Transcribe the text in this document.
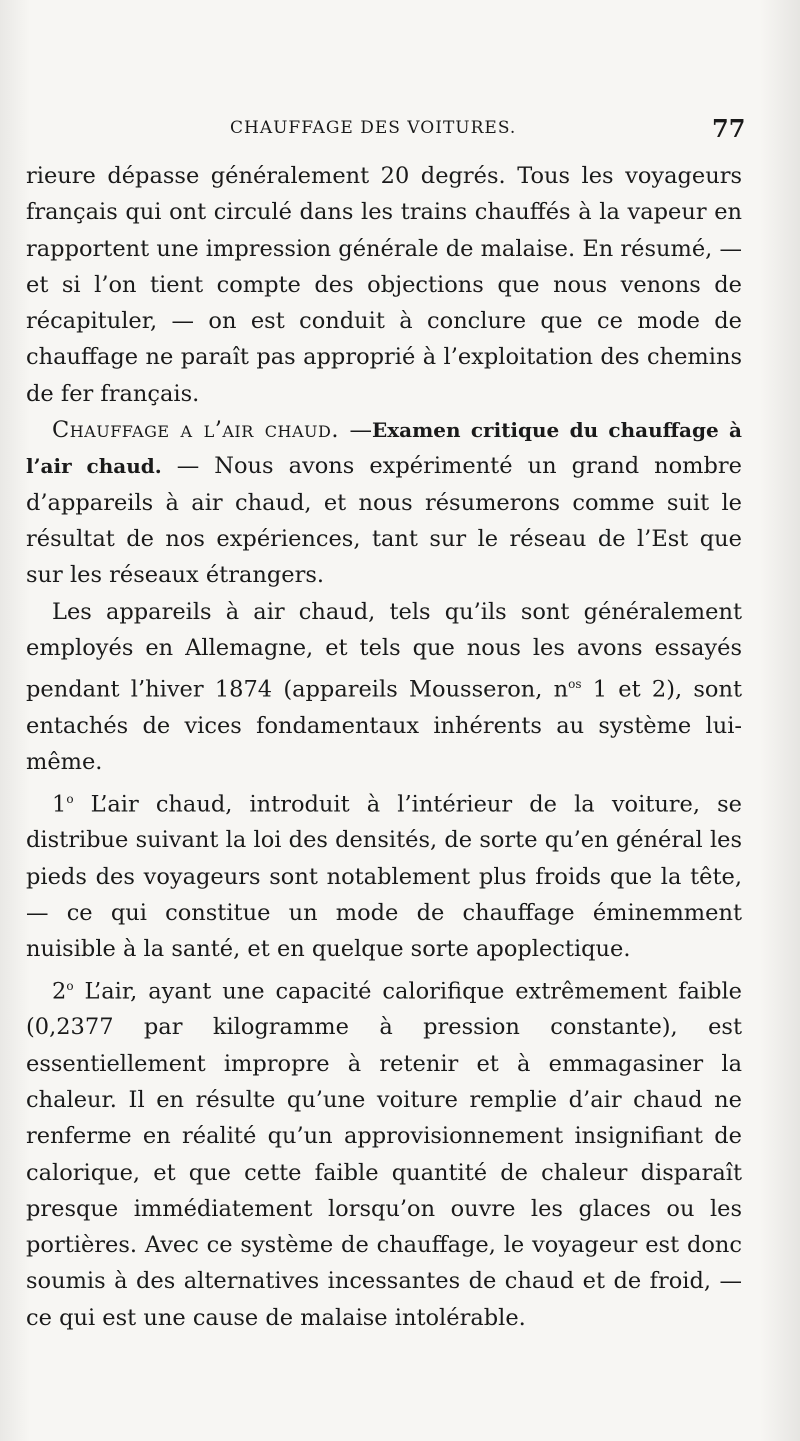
CHAUFFAGE DES VOITURES.	77

rieure dépasse généralement 20 degrés. Tous les voyageurs français qui ont circulé dans les trains chauffés à la vapeur en rapportent une impression générale de malaise. En résumé, — et si l’on tient compte des objections que nous venons de récapituler, — on est conduit à conclure que ce mode de chauffage ne paraît pas approprié à l’exploitation des chemins de fer français.

Chauffage a l’air chaud. —Examen critique du chauffage à l’air chaud. — Nous avons expérimenté un grand nombre d’appareils à air chaud, et nous résumerons comme suit le résultat de nos expériences, tant sur le réseau de l’Est que sur les réseaux étrangers.

Les appareils à air chaud, tels qu’ils sont généralement employés en Allemagne, et tels que nous les avons essayés pendant l’hiver 1874 (appareils Mousseron, $n^{os}$ 1 et 2), sont entachés de vices fondamentaux inhérents au système lui-même.

1$^o$ L’air chaud, introduit à l’intérieur de la voiture, se distribue suivant la loi des densités, de sorte qu’en général les pieds des voyageurs sont notablement plus froids que la tête, — ce qui constitue un mode de chauffage éminemment nuisible à la santé, et en quelque sorte apoplectique.

2$^o$ L’air, ayant une capacité calorifique extrêmement faible (0,2377 par kilogramme à pression constante), est essentiellement impropre à retenir et à emmagasiner la chaleur. Il en résulte qu’une voiture remplie d’air chaud ne renferme en réalité qu’un approvisionnement insignifiant de calorique, et que cette faible quantité de chaleur disparaît presque immédiatement lorsqu’on ouvre les glaces ou les portières. Avec ce système de chauffage, le voyageur est donc soumis à des alternatives incessantes de chaud et de froid, — ce qui est une cause de malaise intolérable.
